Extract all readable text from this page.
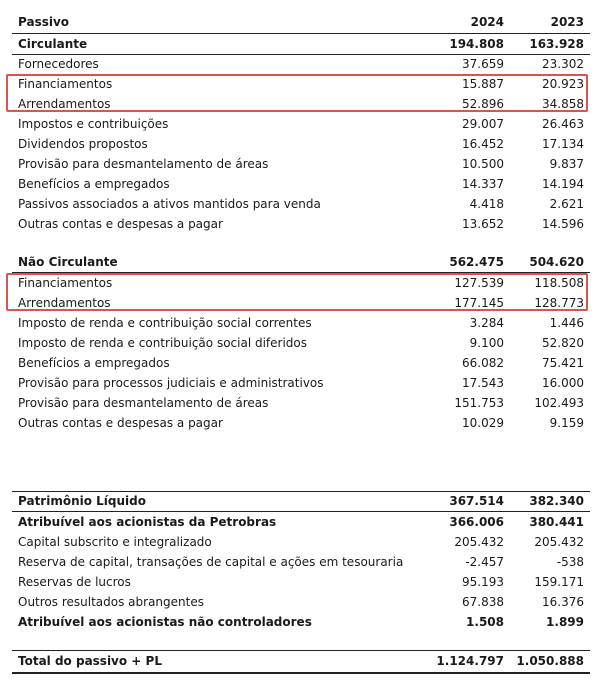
Passivo	2024	2023
Circulante	194.808 163.928
Fornecedores	37.659	23.302
Financiamentos	15.887	20.923
Arrendamentos	52.896	34.858
Impostos e contribuições	29.007	26.463
Dividendos propostos	16.452	17.134
Provisão para desmantelamento de áreas	10.500	9.837
Benefícios a empregados	14.337	14.194
Passivos associados a ativos mantidos para venda	4.418	2.621
Outras contas e despesas a pagar	13.652	14.596
Não Circulante	562.475 504.620
Financiamentos	127.539	118.508
Arrendamentos	177.145	128.773
Imposto de renda e contribuição social correntes	3.284	1.446
Imposto de renda e contribuição social diferidos	9.100	52.820
Benefícios a empregados	66.082	75.421
Provisão para processos judiciais e administrativos	17.543	16.000
Provisão para desmantelamento de áreas	151.753	102.493
Outras contas e despesas a pagar	10.029	9.159
Patrimônio Líquido	367.514 382.340
Atribuível aos acionistas da Petrobras	366.006 380.441
Capital subscrito e integralizado	205.432	205.432
Reserva de capital, transações de capital e ações em tesouraria	-2.457	-538
Reservas de lucros	95.193	159.171
Outros resultados abrangentes	67.838	16.376
Atribuível aos acionistas não controladores	1.508	1.899
Total do passivo + PL	1.124.797 1.050.888
